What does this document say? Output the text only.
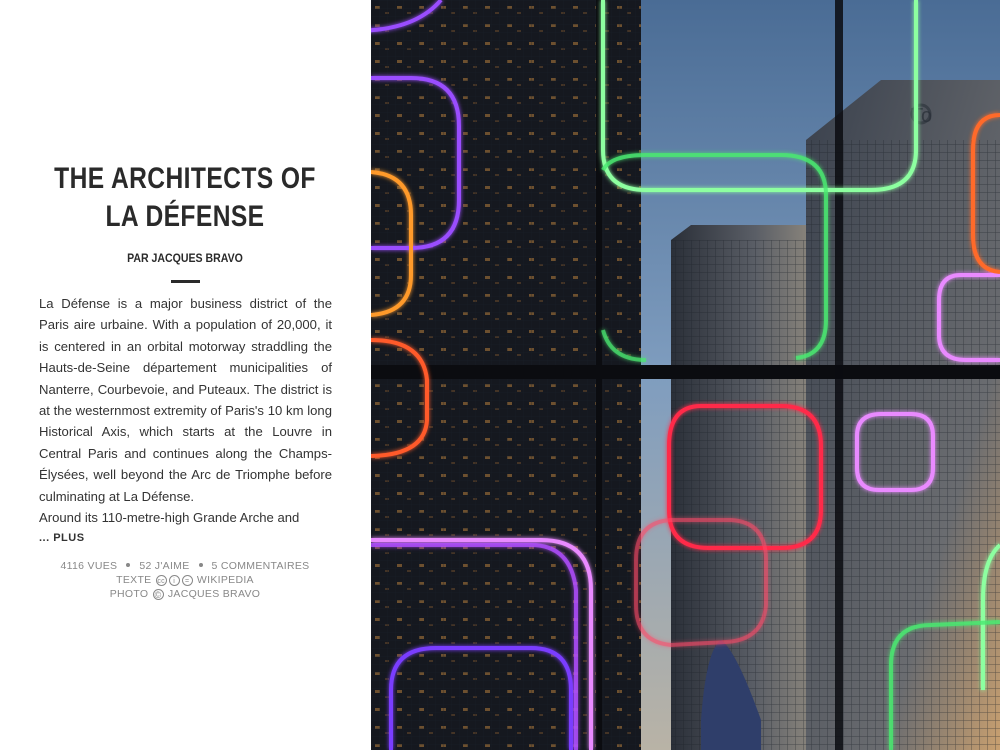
THE ARCHITECTS OF LA DÉFENSE
PAR JACQUES BRAVO

La Défense is a major business district of the Paris aire urbaine. With a population of 20,000, it is centered in an orbital motorway straddling the Hauts-de-Seine département municipalities of Nanterre, Courbevoie, and Puteaux. The district is at the westernmost extremity of Paris's 10 km long Historical Axis, which starts at the Louvre in Central Paris and continues along the Champs-Élysées, well beyond the Arc de Triomphe before culminating at La Défense.

Around its 110-metre-high Grande Arche and

... PLUS
4116 VUES 52 J'AIME 5 COMMENTAIRES
TEXTE cc i = WIKIPEDIA
PHOTO © JACQUES BRAVO
To
